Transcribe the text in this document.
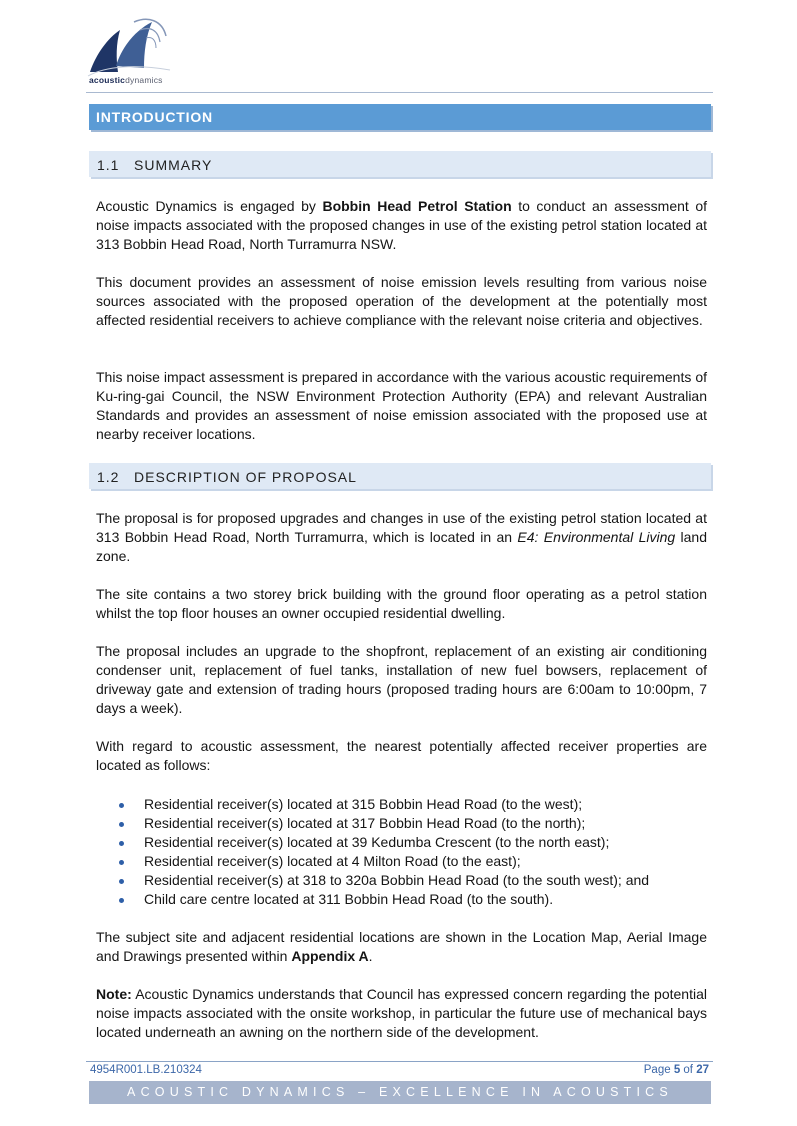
acousticdynamics
INTRODUCTION
1.1 SUMMARY

Acoustic Dynamics is engaged by Bobbin Head Petrol Station to conduct an assessment of noise impacts associated with the proposed changes in use of the existing petrol station located at 313 Bobbin Head Road, North Turramurra NSW.

This document provides an assessment of noise emission levels resulting from various noise sources associated with the proposed operation of the development at the potentially most affected residential receivers to achieve compliance with the relevant noise criteria and objectives.

This noise impact assessment is prepared in accordance with the various acoustic requirements of Ku-ring-gai Council, the NSW Environment Protection Authority (EPA) and relevant Australian Standards and provides an assessment of noise emission associated with the proposed use at nearby receiver locations.

1.2 DESCRIPTION OF PROPOSAL

The proposal is for proposed upgrades and changes in use of the existing petrol station located at 313 Bobbin Head Road, North Turramurra, which is located in an E4: Environmental Living land zone.

The site contains a two storey brick building with the ground floor operating as a petrol station whilst the top floor houses an owner occupied residential dwelling.

The proposal includes an upgrade to the shopfront, replacement of an existing air conditioning condenser unit, replacement of fuel tanks, installation of new fuel bowsers, replacement of driveway gate and extension of trading hours (proposed trading hours are 6:00am to 10:00pm, 7 days a week).

With regard to acoustic assessment, the nearest potentially affected receiver properties are located as follows:

Residential receiver(s) located at 315 Bobbin Head Road (to the west);
Residential receiver(s) located at 317 Bobbin Head Road (to the north);
Residential receiver(s) located at 39 Kedumba Crescent (to the north east);
Residential receiver(s) located at 4 Milton Road (to the east);
Residential receiver(s) at 318 to 320a Bobbin Head Road (to the south west); and
Child care centre located at 311 Bobbin Head Road (to the south).

The subject site and adjacent residential locations are shown in the Location Map, Aerial Image and Drawings presented within Appendix A.

Note: Acoustic Dynamics understands that Council has expressed concern regarding the potential noise impacts associated with the onsite workshop, in particular the future use of mechanical bays located underneath an awning on the northern side of the development.

4954R001.LB.210324	Page 5 of 27
ACOUSTIC DYNAMICS – EXCELLENCE IN ACOUSTICS
